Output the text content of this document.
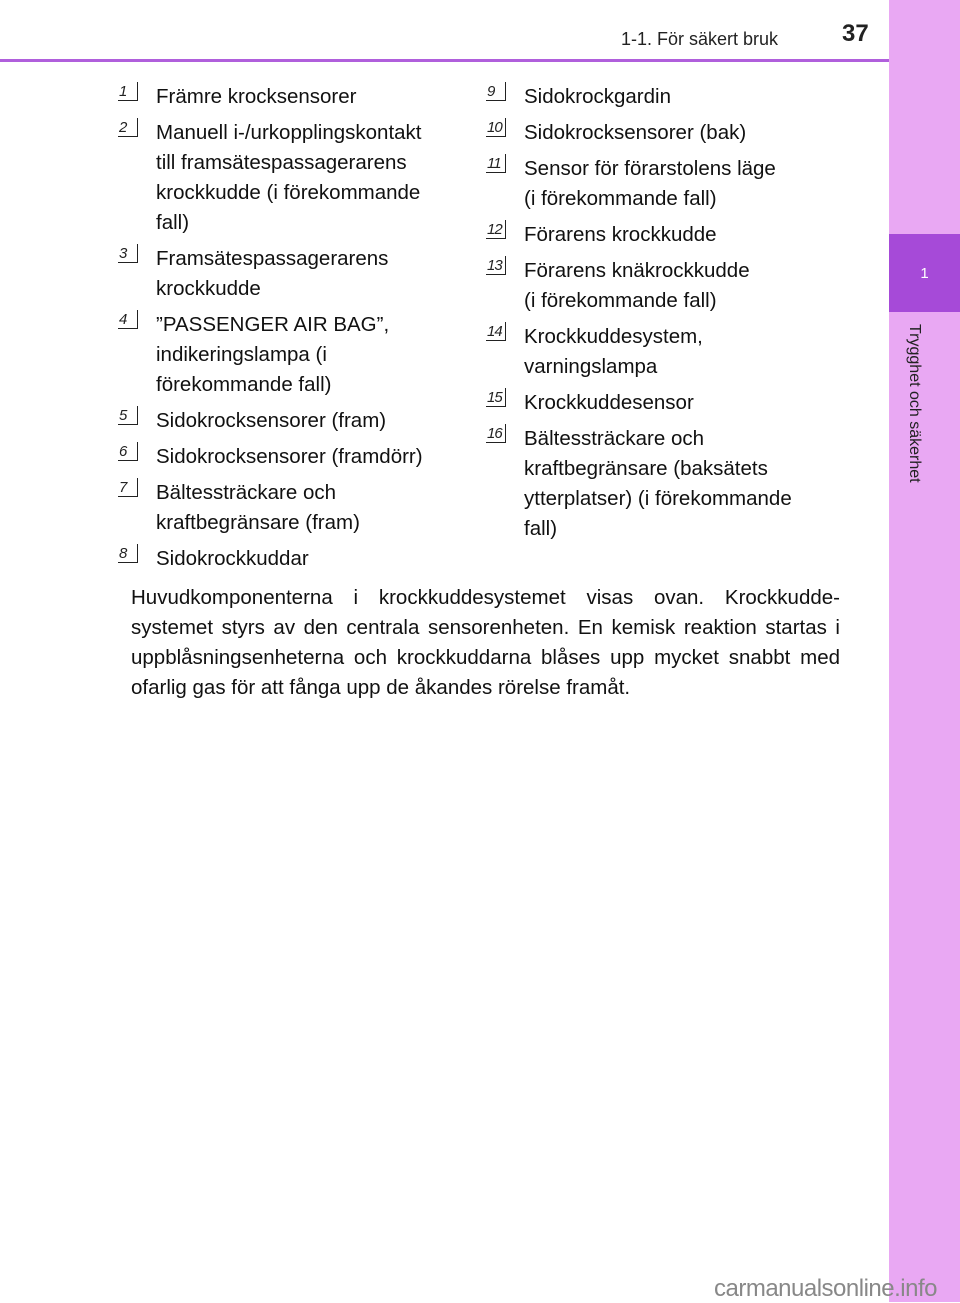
1
Trygghet och säkerhet
1-1. För säkert bruk	37
1	Främre krocksensorer
2	Manuell i-/urkopplingskontakt
till framsätespassagerarens
krockkudde (i förekommande
fall)
3	Framsätespassagerarens
krockkudde
4	”PASSENGER AIR BAG”,
indikeringslampa (i
förekommande fall)
5	Sidokrocksensorer (fram)
6	Sidokrocksensorer (framdörr)
7	Bältessträckare och
kraftbegränsare (fram)
8	Sidokrockkuddar
9	Sidokrockgardin
10 Sidokrocksensorer (bak)
11 Sensor för förarstolens läge
(i förekommande fall)
12 Förarens krockkudde
13 Förarens knäkrockkudde
(i förekommande fall)
14 Krockkuddesystem,
varningslampa
15 Krockkuddesensor
16 Bältessträckare och
kraftbegränsare (baksätets
ytterplatser) (i förekommande
fall)
Huvudkomponenterna i krockkuddesystemet visas ovan. Krockkudde-systemet styrs av den centrala sensorenheten. En kemisk reaktion startas i uppblåsningsenheterna och krockkuddarna blåses upp mycket snabbt med ofarlig gas för att fånga upp de åkandes rörelse framåt.
carmanualsonline.info
